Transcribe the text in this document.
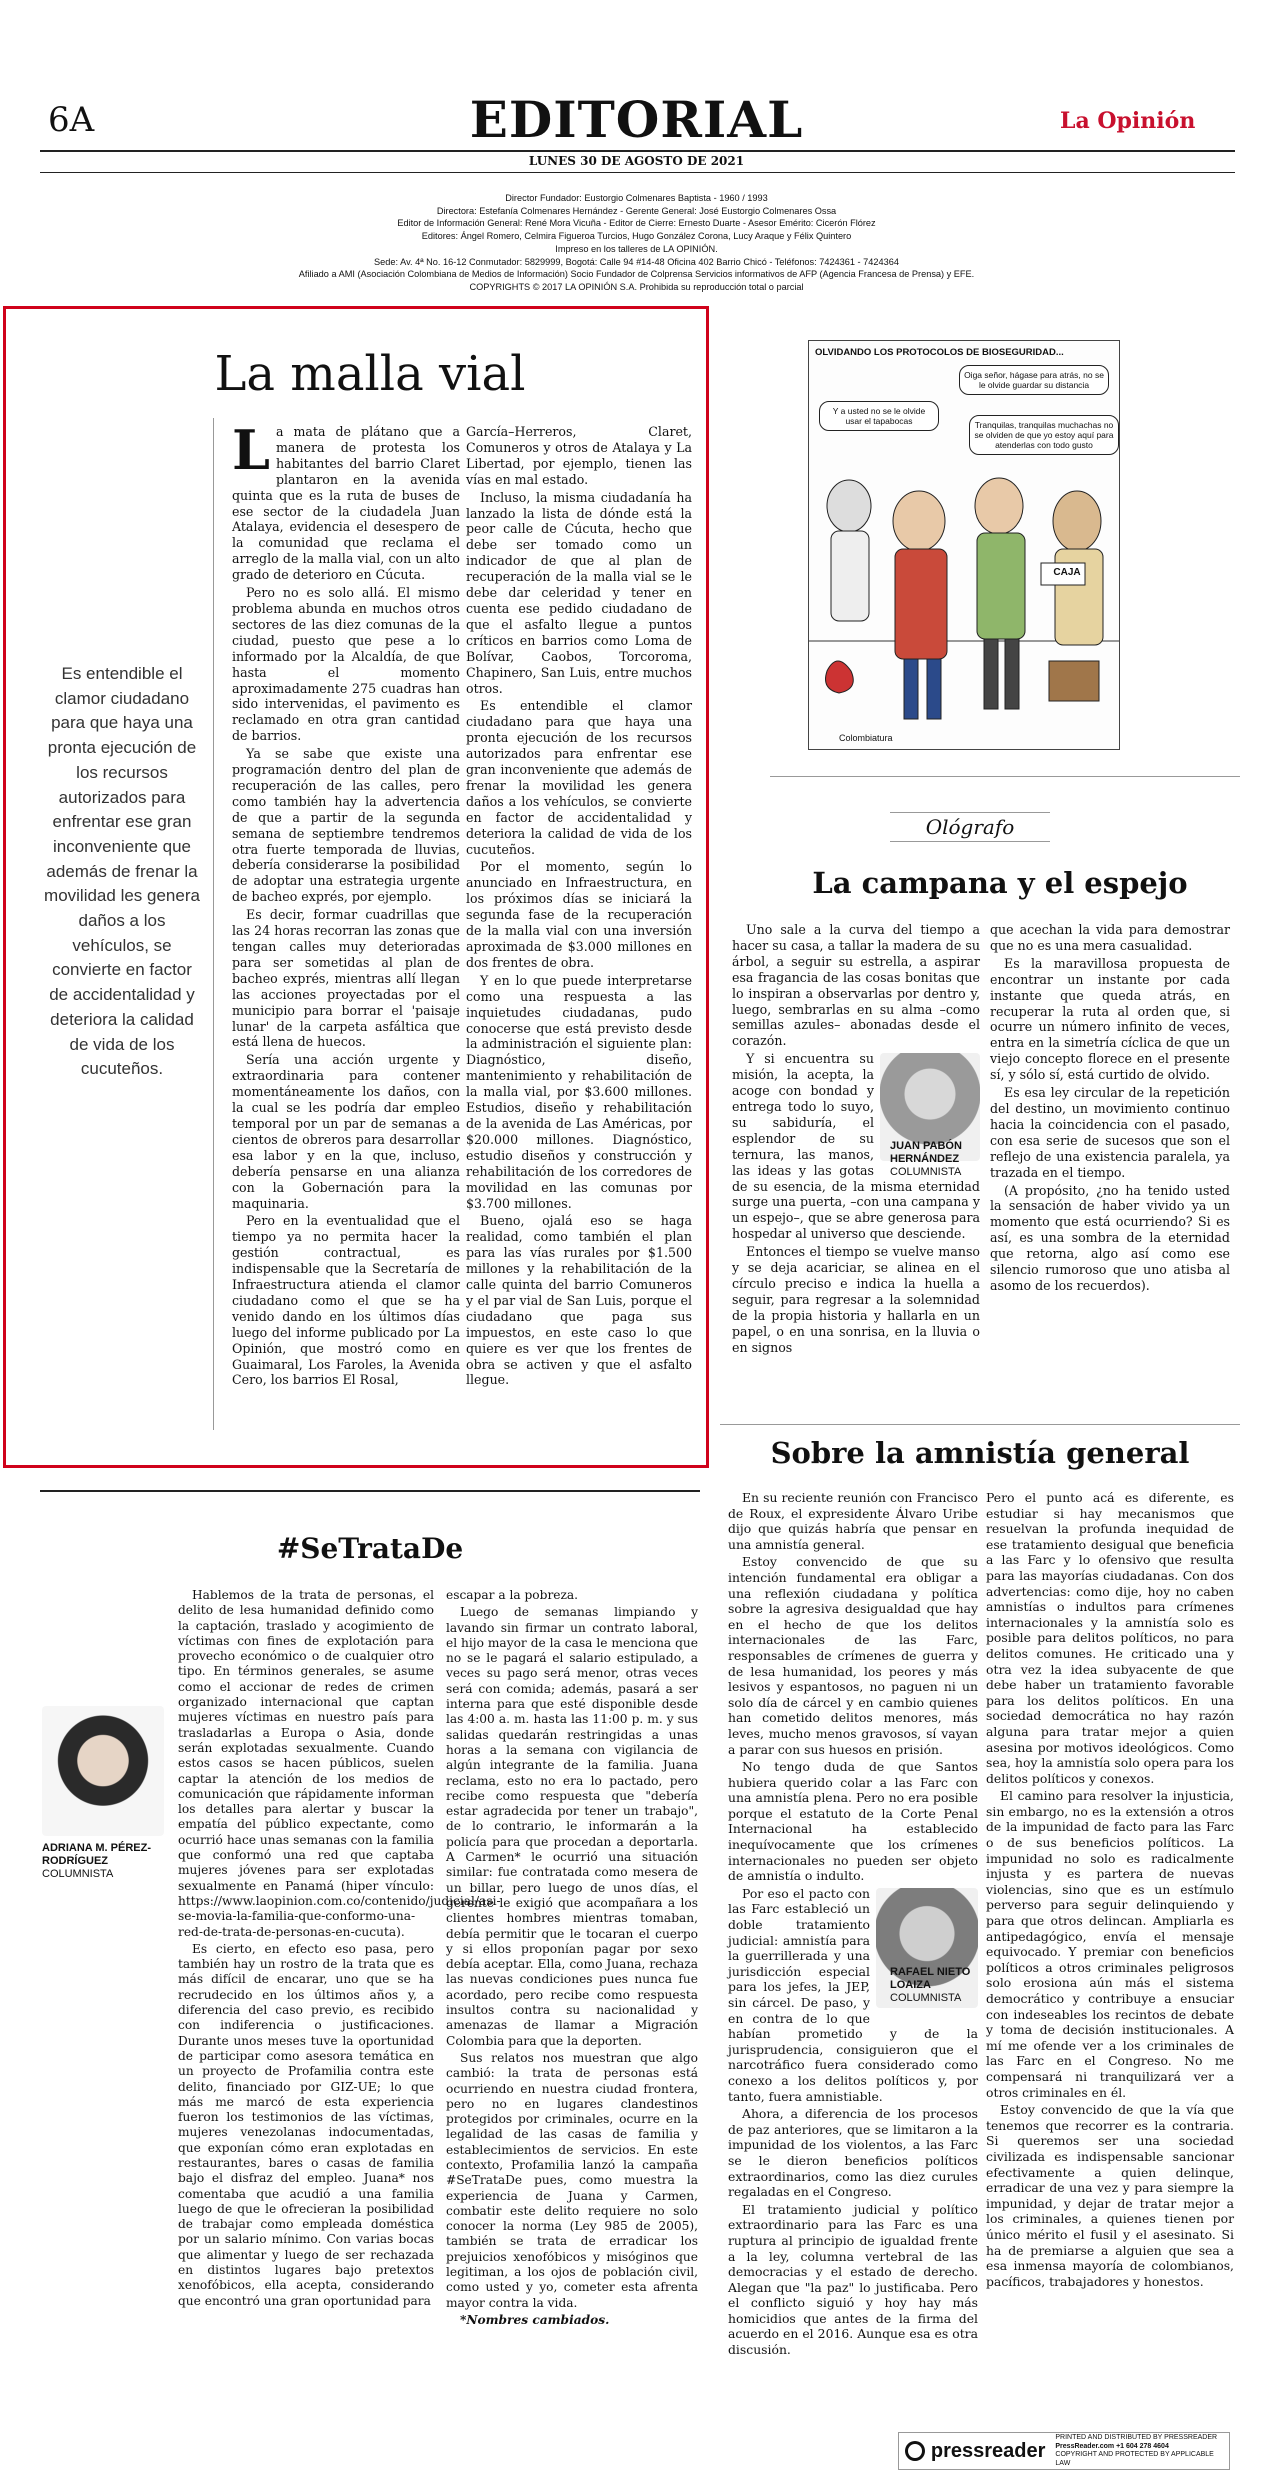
6A	EDITORIAL	La Opinión
LUNES 30 DE AGOSTO DE 2021
Director Fundador: Eustorgio Colmenares Baptista - 1960 / 1993
Directora: Estefanía Colmenares Hernández - Gerente General: José Eustorgio Colmenares Ossa
Editor de Información General: René Mora Vicuña - Editor de Cierre: Ernesto Duarte - Asesor Emérito: Cicerón Flórez
Editores: Ángel Romero, Celmira Figueroa Turcios, Hugo González Corona, Lucy Araque y Félix Quintero
Impreso en los talleres de LA OPINIÓN.
Sede: Av. 4ª No. 16-12 Conmutador: 5829999, Bogotá: Calle 94 #14-48 Oficina 402 Barrio Chicó - Teléfonos: 7424361 - 7424364
Afiliado a AMI (Asociación Colombiana de Medios de Información) Socio Fundador de Colprensa Servicios informativos de AFP (Agencia Francesa de Prensa) y EFE.
COPYRIGHTS © 2017 LA OPINIÓN S.A. Prohibida su reproducción total o parcial
La malla vial
Es entendible el clamor ciudadano para que haya una pronta ejecución de los recursos autorizados para enfrentar ese gran inconveniente que además de frenar la movilidad les genera daños a los vehículos, se convierte en factor de accidentalidad y deteriora la calidad de vida de los cucuteños.

La mata de plátano que a manera de protesta los habitantes del barrio Claret plantaron en la avenida quinta que es la ruta de buses de ese sector de la ciudadela Juan Atalaya, evidencia el desespero de la comunidad que reclama el arreglo de la malla vial, con un alto grado de deterioro en Cúcuta.

Pero no es solo allá. El mismo problema abunda en muchos otros sectores de las diez comunas de la ciudad, puesto que pese a lo informado por la Alcaldía, de que hasta el momento aproximadamente 275 cuadras han sido intervenidas, el pavimento es reclamado en otra gran cantidad de barrios.

Ya se sabe que existe una programación dentro del plan de recuperación de las calles, pero como también hay la advertencia de que a partir de la segunda semana de septiembre tendremos otra fuerte temporada de lluvias, debería considerarse la posibilidad de adoptar una estrategia urgente de bacheo exprés, por ejemplo.

Es decir, formar cuadrillas que las 24 horas recorran las zonas que tengan calles muy deterioradas para ser sometidas al plan de bacheo exprés, mientras allí llegan las acciones proyectadas por el municipio para borrar el 'paisaje lunar' de la carpeta asfáltica que está llena de huecos.

Sería una acción urgente y extraordinaria para contener momentáneamente los daños, con la cual se les podría dar empleo temporal por un par de semanas a cientos de obreros para desarrollar esa labor y en la que, incluso, debería pensarse en una alianza con la Gobernación para la maquinaria.

Pero en la eventualidad que el tiempo ya no permita hacer la gestión contractual, es indispensable que la Secretaría de Infraestructura atienda el clamor ciudadano como el que se ha venido dando en los últimos días luego del informe publicado por La Opinión, que mostró como en Guaimaral, Los Faroles, la Avenida Cero, los barrios El Rosal,

García–Herreros, Claret, Comuneros y otros de Atalaya y La Libertad, por ejemplo, tienen las vías en mal estado.

Incluso, la misma ciudadanía ha lanzado la lista de dónde está la peor calle de Cúcuta, hecho que debe ser tomado como un indicador de que al plan de recuperación de la malla vial se le debe dar celeridad y tener en cuenta ese pedido ciudadano de que el asfalto llegue a puntos críticos en barrios como Loma de Bolívar, Caobos, Torcoroma, Chapinero, San Luis, entre muchos otros.

Es entendible el clamor ciudadano para que haya una pronta ejecución de los recursos autorizados para enfrentar ese gran inconveniente que además de frenar la movilidad les genera daños a los vehículos, se convierte en factor de accidentalidad y deteriora la calidad de vida de los cucuteños.

Por el momento, según lo anunciado en Infraestructura, en los próximos días se iniciará la segunda fase de la recuperación de la malla vial con una inversión aproximada de $3.000 millones en dos frentes de obra.

Y en lo que puede interpretarse como una respuesta a las inquietudes ciudadanas, pudo conocerse que está previsto desde la administración el siguiente plan: Diagnóstico, diseño, mantenimiento y rehabilitación de la malla vial, por $3.600 millones. Estudios, diseño y rehabilitación de la avenida de Las Américas, por $20.000 millones. Diagnóstico, estudio diseños y construcción y rehabilitación de los corredores de movilidad en las comunas por $3.700 millones.

Bueno, ojalá eso se haga realidad, como también el plan para las vías rurales por $1.500 millones y la rehabilitación de la calle quinta del barrio Comuneros y el par vial de San Luis, porque el ciudadano que paga sus impuestos, en este caso lo que quiere es ver que los frentes de obra se activen y que el asfalto llegue.

OLVIDANDO LOS PROTOCOLOS DE BIOSEGURIDAD...
Oiga señor, hágase para atrás, no se le olvide guardar su distancia
Y a usted no se le olvide usar el tapabocas	Tranquilas, tranquilas muchachas no se olviden de que yo estoy aquí para atenderlas con todo gusto
CAJA
Colombiatura
Ológrafo
La campana y el espejo

Uno sale a la curva del tiempo a hacer su casa, a tallar la madera de su árbol, a seguir su estrella, a aspirar esa fragancia de las cosas bonitas que lo inspiran a observarlas por dentro y, luego, sembrarlas en su alma –como semillas azules– abonadas desde el corazón.

Y si encuentra su misión, la acepta, la acoge con bondad y entrega todo lo suyo, su sabiduría, el esplendor de su ternura, las manos, las ideas y las gotas de su esencia, de la misma eternidad surge una puerta, –con una campana y un espejo–, que se abre generosa para hospedar al universo que desciende.

Entonces el tiempo se vuelve manso y se deja acariciar, se alinea en el círculo preciso e indica la huella a seguir, para regresar a la solemnidad de la propia historia y hallarla en un papel, o en una sonrisa, en la lluvia o en signos

JUAN PABÓN HERNÁNDEZ
COLUMNISTA

que acechan la vida para demostrar que no es una mera casualidad.

Es la maravillosa propuesta de encontrar un instante por cada instante que queda atrás, en recuperar la ruta al orden que, si ocurre un número infinito de veces, entra en la simetría cíclica de que un viejo concepto florece en el presente sí, y sólo sí, está curtido de olvido.

Es esa ley circular de la repetición del destino, un movimiento continuo hacia la coincidencia con el pasado, con esa serie de sucesos que son el reflejo de una existencia paralela, ya trazada en el tiempo.

(A propósito, ¿no ha tenido usted la sensación de haber vivido ya un momento que está ocurriendo? Si es así, es una sombra de la eternidad que retorna, algo así como ese silencio rumoroso que uno atisba al asomo de los recuerdos).

Sobre la amnistía general

En su reciente reunión con Francisco de Roux, el expresidente Álvaro Uribe dijo que quizás habría que pensar en una amnistía general.

Estoy convencido de que su intención fundamental era obligar a una reflexión ciudadana y política sobre la agresiva desigualdad que hay en el hecho de que los delitos internacionales de las Farc, responsables de crímenes de guerra y de lesa humanidad, los peores y más lesivos y espantosos, no paguen ni un solo día de cárcel y en cambio quienes han cometido delitos menores, más leves, mucho menos gravosos, sí vayan a parar con sus huesos en prisión.

No tengo duda de que Santos hubiera querido colar a las Farc con una amnistía plena. Pero no era posible porque el estatuto de la Corte Penal Internacional ha establecido inequívocamente que los crímenes internacionales no pueden ser objeto de amnistía o indulto.

Por eso el pacto con las Farc estableció un doble tratamiento judicial: amnistía para la guerrillerada y una jurisdicción especial para los jefes, la JEP, sin cárcel. De paso, y en contra de lo que habían prometido y de la jurisprudencia, consiguieron que el narcotráfico fuera considerado como conexo a los delitos políticos y, por tanto, fuera amnistiable.

Ahora, a diferencia de los procesos de paz anteriores, que se limitaron a la impunidad de los violentos, a las Farc se le dieron beneficios políticos extraordinarios, como las diez curules regaladas en el Congreso.

El tratamiento judicial y político extraordinario para las Farc es una ruptura al principio de igualdad frente a la ley, columna vertebral de las democracias y el estado de derecho. Alegan que "la paz" lo justificaba. Pero el conflicto siguió y hoy hay más homicidios que antes de la firma del acuerdo en el 2016. Aunque esa es otra discusión.

RAFAEL NIETO LOAIZA
COLUMNISTA

Pero el punto acá es diferente, es estudiar si hay mecanismos que resuelvan la profunda inequidad de ese tratamiento desigual que beneficia a las Farc y lo ofensivo que resulta para las mayorías ciudadanas. Con dos advertencias: como dije, hoy no caben amnistías o indultos para crímenes internacionales y la amnistía solo es posible para delitos políticos, no para delitos comunes. He criticado una y otra vez la idea subyacente de que debe haber un tratamiento favorable para los delitos políticos. En una sociedad democrática no hay razón alguna para tratar mejor a quien asesina por motivos ideológicos. Como sea, hoy la amnistía solo opera para los delitos políticos y conexos.

El camino para resolver la injusticia, sin embargo, no es la extensión a otros de la impunidad de facto para las Farc o de sus beneficios políticos. La impunidad no solo es radicalmente injusta y es partera de nuevas violencias, sino que es un estímulo perverso para seguir delinquiendo y para que otros delincan. Ampliarla es antipedagógico, envía el mensaje equivocado. Y premiar con beneficios políticos a otros criminales peligrosos solo erosiona aún más el sistema democrático y contribuye a ensuciar con indeseables los recintos de debate y toma de decisión institucionales. A mí me ofende ver a los criminales de las Farc en el Congreso. No me compensará ni tranquilizará ver a otros criminales en él.

Estoy convencido de que la vía que tenemos que recorrer es la contraria. Si queremos ser una sociedad civilizada es indispensable sancionar efectivamente a quien delinque, erradicar de una vez y para siempre la impunidad, y dejar de tratar mejor a los criminales, a quienes tienen por único mérito el fusil y el asesinato. Si ha de premiarse a alguien que sea a esa inmensa mayoría de colombianos, pacíficos, trabajadores y honestos.

#SeTrataDe
ADRIANA M. PÉREZ-RODRÍGUEZ
COLUMNISTA

Hablemos de la trata de personas, el delito de lesa humanidad definido como la captación, traslado y acogimiento de víctimas con fines de explotación para provecho económico o de cualquier otro tipo. En términos generales, se asume como el accionar de redes de crimen organizado internacional que captan mujeres víctimas en nuestro país para trasladarlas a Europa o Asia, donde serán explotadas sexualmente. Cuando estos casos se hacen públicos, suelen captar la atención de los medios de comunicación que rápidamente informan los detalles para alertar y buscar la empatía del público expectante, como ocurrió hace unas semanas con la familia que conformó una red que captaba mujeres jóvenes para ser explotadas sexualmente en Panamá (hiper vínculo: https://www.laopinion.com.co/contenido/judicial/asi-se-movia-la-familia-que-conformo-una-red-de-trata-de-personas-en-cucuta).

Es cierto, en efecto eso pasa, pero también hay un rostro de la trata que es más difícil de encarar, uno que se ha recrudecido en los últimos años y, a diferencia del caso previo, es recibido con indiferencia o justificaciones. Durante unos meses tuve la oportunidad de participar como asesora temática en un proyecto de Profamilia contra este delito, financiado por GIZ-UE; lo que más me marcó de esta experiencia fueron los testimonios de las víctimas, mujeres venezolanas indocumentadas, que exponían cómo eran explotadas en restaurantes, bares o casas de familia bajo el disfraz del empleo. Juana* nos comentaba que acudió a una familia luego de que le ofrecieran la posibilidad de trabajar como empleada doméstica por un salario mínimo. Con varias bocas que alimentar y luego de ser rechazada en distintos lugares bajo pretextos xenofóbicos, ella acepta, considerando que encontró una gran oportunidad para

escapar a la pobreza.

Luego de semanas limpiando y lavando sin firmar un contrato laboral, el hijo mayor de la casa le menciona que no se le pagará el salario estipulado, a veces su pago será menor, otras veces será con comida; además, pasará a ser interna para que esté disponible desde las 4:00 a. m. hasta las 11:00 p. m. y sus salidas quedarán restringidas a unas horas a la semana con vigilancia de algún integrante de la familia. Juana reclama, esto no era lo pactado, pero recibe como respuesta que "debería estar agradecida por tener un trabajo", de lo contrario, le informarán a la policía para que procedan a deportarla. A Carmen* le ocurrió una situación similar: fue contratada como mesera de un billar, pero luego de unos días, el gerente le exigió que acompañara a los clientes hombres mientras tomaban, debía permitir que le tocaran el cuerpo y si ellos proponían pagar por sexo debía aceptar. Ella, como Juana, rechaza las nuevas condiciones pues nunca fue acordado, pero recibe como respuesta insultos contra su nacionalidad y amenazas de llamar a Migración Colombia para que la deporten.

Sus relatos nos muestran que algo cambió: la trata de personas está ocurriendo en nuestra ciudad frontera, pero no en lugares clandestinos protegidos por criminales, ocurre en la legalidad de las casas de familia y establecimientos de servicios. En este contexto, Profamilia lanzó la campaña #SeTrataDe pues, como muestra la experiencia de Juana y Carmen, combatir este delito requiere no solo conocer la norma (Ley 985 de 2005), también se trata de erradicar los prejuicios xenofóbicos y misóginos que legitiman, a los ojos de población civil, como usted y yo, cometer esta afrenta mayor contra la vida.

*Nombres cambiados.

pressreader
PRINTED AND DISTRIBUTED BY PRESSREADER
PressReader.com +1 604 278 4604
COPYRIGHT AND PROTECTED BY APPLICABLE LAW
